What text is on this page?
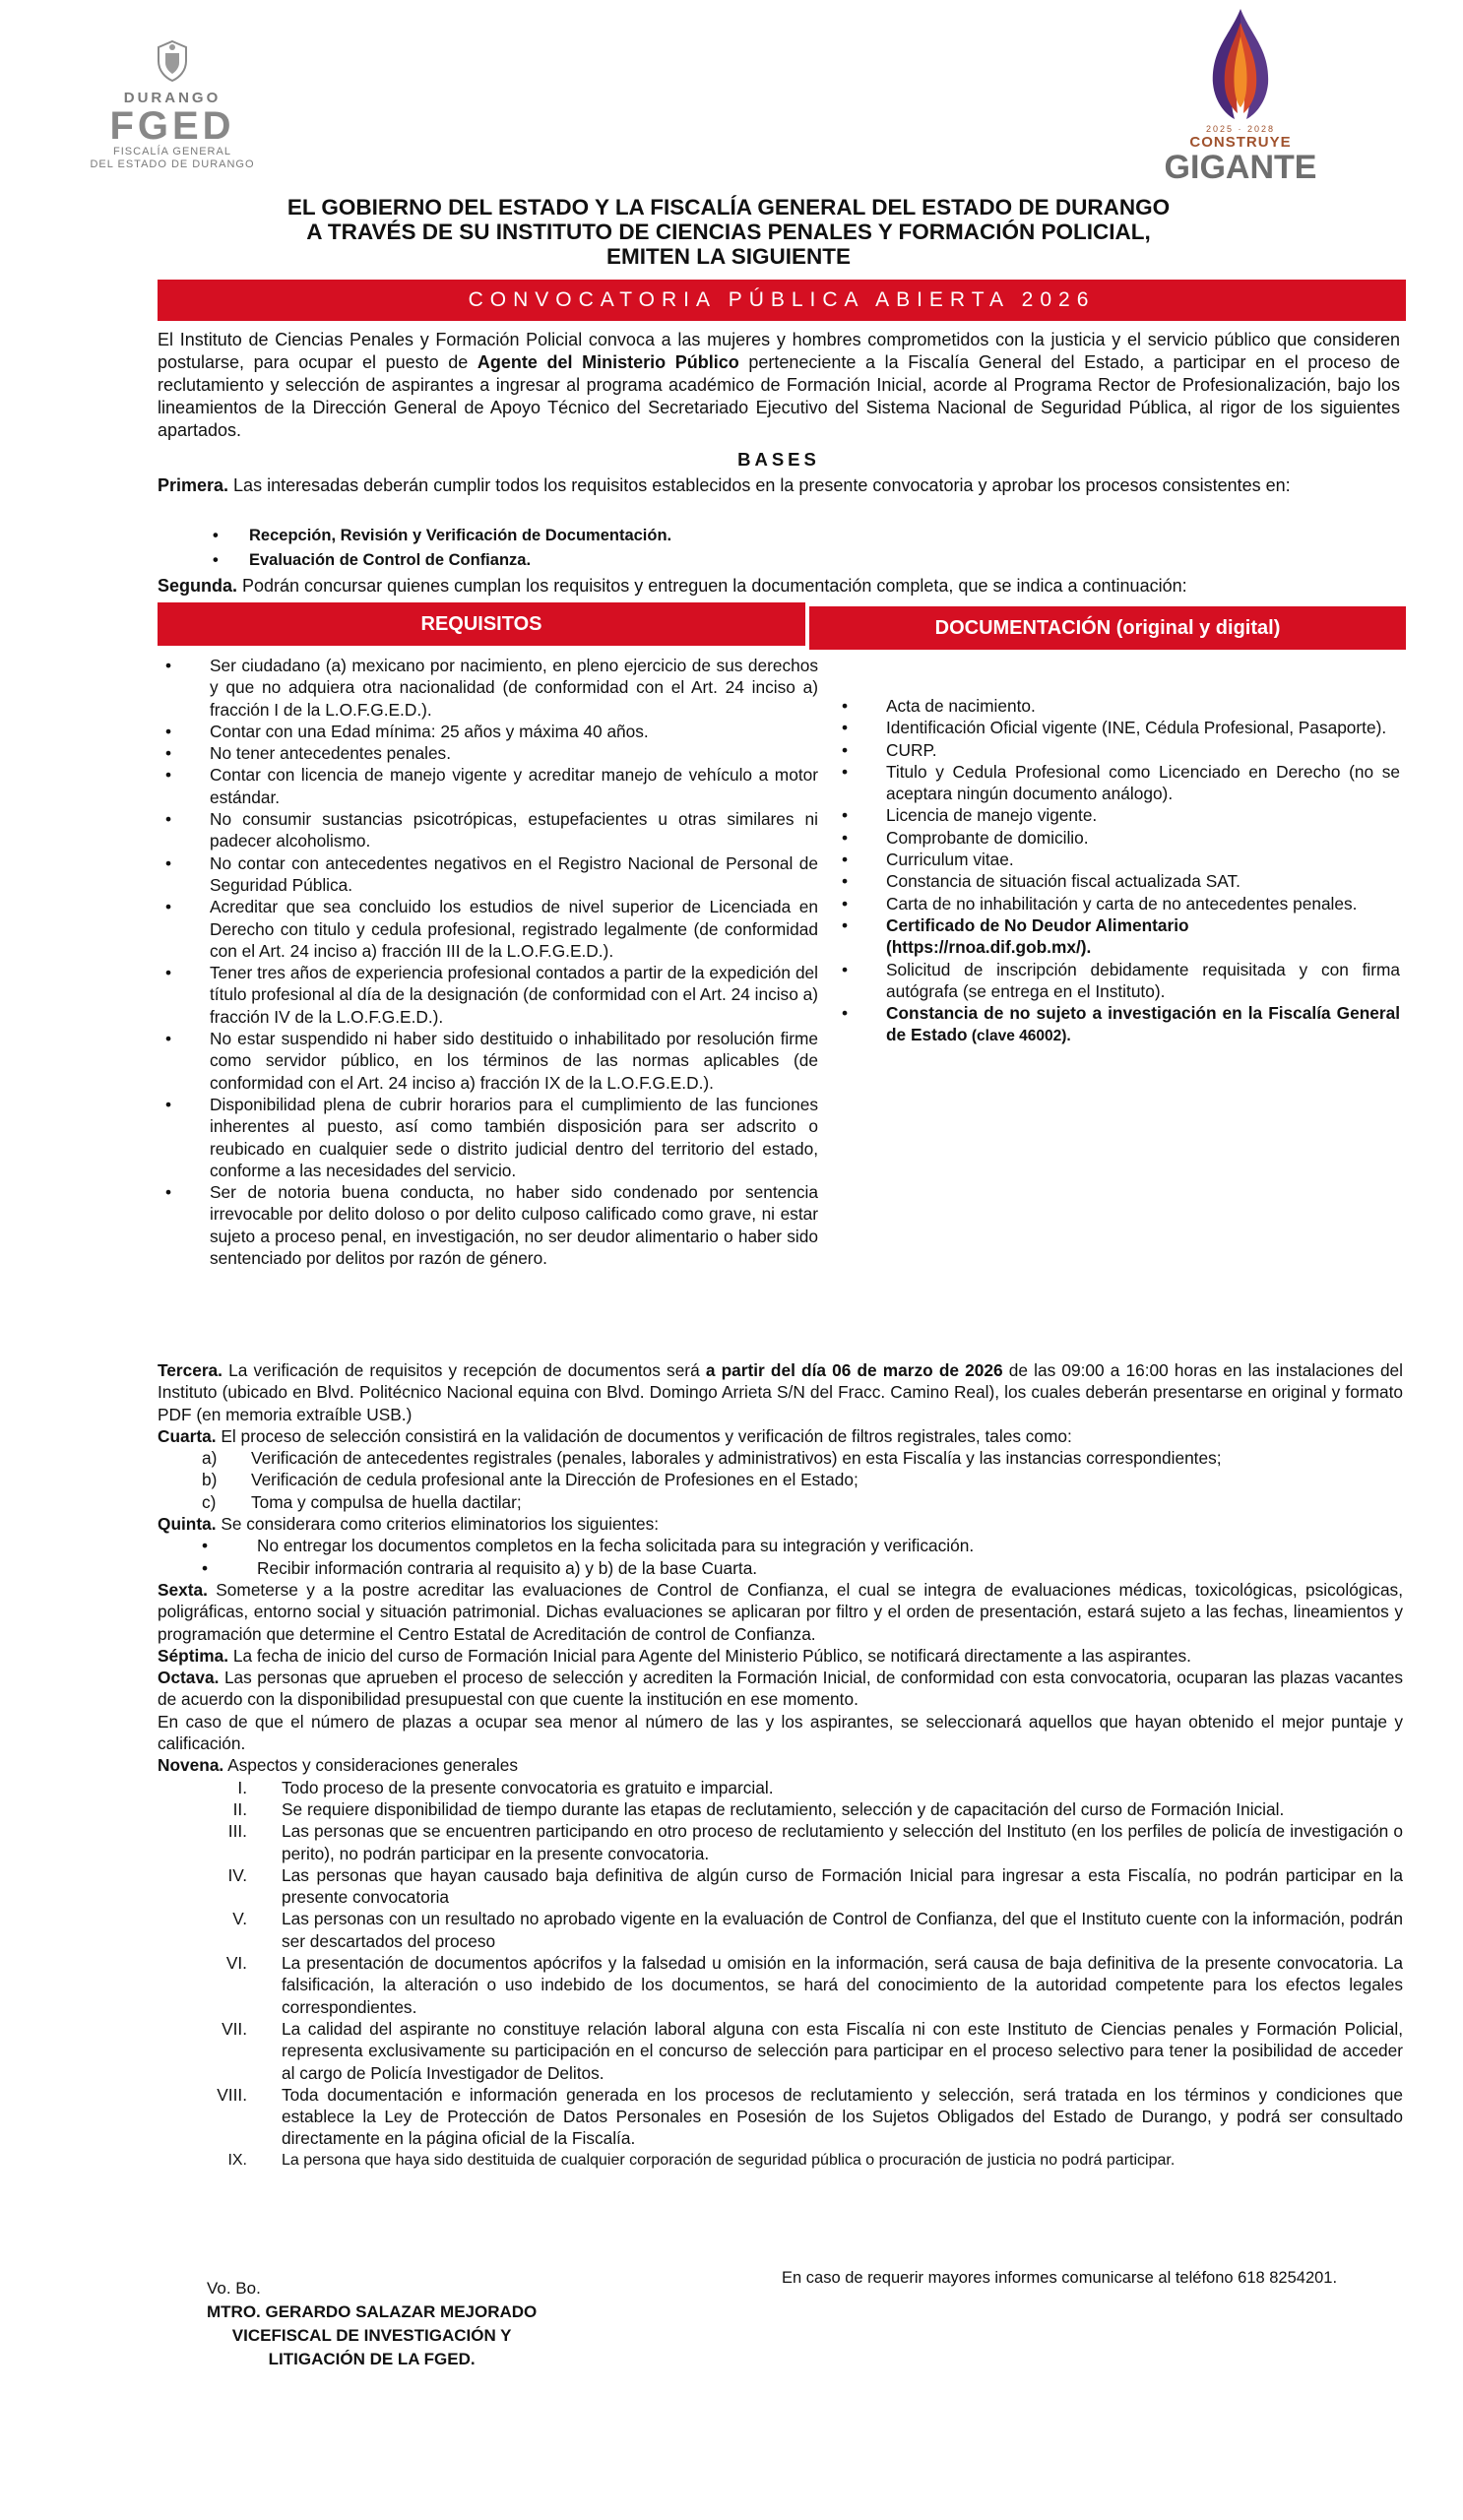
DURANGO
FGED
FISCALÍA GENERAL
DEL ESTADO DE DURANGO
2025 · 2028
CONSTRUYE
GIGANTE
EL GOBIERNO DEL ESTADO Y LA FISCALÍA GENERAL DEL ESTADO DE DURANGO
A TRAVÉS DE SU INSTITUTO DE CIENCIAS PENALES Y FORMACIÓN POLICIAL,
EMITEN LA SIGUIENTE
CONVOCATORIA PÚBLICA ABIERTA 2026
El Instituto de Ciencias Penales y Formación Policial convoca a las mujeres y hombres comprometidos con la justicia y el servicio público que consideren postularse, para ocupar el puesto de Agente del Ministerio Público perteneciente a la Fiscalía General del Estado, a participar en el proceso de reclutamiento y selección de aspirantes a ingresar al programa académico de Formación Inicial, acorde al Programa Rector de Profesionalización, bajo los lineamientos de la Dirección General de Apoyo Técnico del Secretariado Ejecutivo del Sistema Nacional de Seguridad Pública, al rigor de los siguientes apartados.
BASES
Primera. Las interesadas deberán cumplir todos los requisitos establecidos en la presente convocatoria y aprobar los procesos consistentes en:
• Recepción, Revisión y Verificación de Documentación.
• Evaluación de Control de Confianza.
Segunda. Podrán concursar quienes cumplan los requisitos y entreguen la documentación completa, que se indica a continuación:
REQUISITOS	DOCUMENTACIÓN (original y digital)
• Ser ciudadano (a) mexicano por nacimiento, en pleno ejercicio de sus derechos y que no adquiera otra nacionalidad (de conformidad con el Art. 24 inciso a) fracción I de la L.O.F.G.E.D.).
• Contar con una Edad mínima: 25 años y máxima 40 años.
• No tener antecedentes penales.
• Contar con licencia de manejo vigente y acreditar manejo de vehículo a motor estándar.
• No consumir sustancias psicotrópicas, estupefacientes u otras similares ni padecer alcoholismo.
• No contar con antecedentes negativos en el Registro Nacional de Personal de Seguridad Pública.
• Acreditar que sea concluido los estudios de nivel superior de Licenciada en Derecho con titulo y cedula profesional, registrado legalmente (de conformidad con el Art. 24 inciso a) fracción III de la L.O.F.G.E.D.).
• Tener tres años de experiencia profesional contados a partir de la expedición del título profesional al día de la designación (de conformidad con el Art. 24 inciso a) fracción IV de la L.O.F.G.E.D.).
• No estar suspendido ni haber sido destituido o inhabilitado por resolución firme como servidor público, en los términos de las normas aplicables (de conformidad con el Art. 24 inciso a) fracción IX de la L.O.F.G.E.D.).
• Disponibilidad plena de cubrir horarios para el cumplimiento de las funciones inherentes al puesto, así como también disposición para ser adscrito o reubicado en cualquier sede o distrito judicial dentro del territorio del estado, conforme a las necesidades del servicio.
• Ser de notoria buena conducta, no haber sido condenado por sentencia irrevocable por delito doloso o por delito culposo calificado como grave, ni estar sujeto a proceso penal, en investigación, no ser deudor alimentario o haber sido sentenciado por delitos por razón de género.
• Acta de nacimiento.
• Identificación Oficial vigente (INE, Cédula Profesional, Pasaporte).
• CURP.
• Titulo y Cedula Profesional como Licenciado en Derecho (no se aceptara ningún documento análogo).
• Licencia de manejo vigente.
• Comprobante de domicilio.
• Curriculum vitae.
• Constancia de situación fiscal actualizada SAT.
• Carta de no inhabilitación y carta de no antecedentes penales.
• Certificado de No Deudor Alimentario
(https://rnoa.dif.gob.mx/).
• Solicitud de inscripción debidamente requisitada y con firma autógrafa (se entrega en el Instituto).
• Constancia de no sujeto a investigación en la Fiscalía General de Estado (clave 46002).

Tercera. La verificación de requisitos y recepción de documentos será a partir del día 06 de marzo de 2026 de las 09:00 a 16:00 horas en las instalaciones del Instituto (ubicado en Blvd. Politécnico Nacional equina con Blvd. Domingo Arrieta S/N del Fracc. Camino Real), los cuales deberán presentarse en original y formato PDF (en memoria extraíble USB.)

Cuarta. El proceso de selección consistirá en la validación de documentos y verificación de filtros registrales, tales como:

a)	Verificación de antecedentes registrales (penales, laborales y administrativos) en esta Fiscalía y las instancias correspondientes;
b)	Verificación de cedula profesional ante la Dirección de Profesiones en el Estado;
c)	Toma y compulsa de huella dactilar;

Quinta. Se considerara como criterios eliminatorios los siguientes:

•	No entregar los documentos completos en la fecha solicitada para su integración y verificación.
•	Recibir información contraria al requisito a) y b) de la base Cuarta.

Sexta. Someterse y a la postre acreditar las evaluaciones de Control de Confianza, el cual se integra de evaluaciones médicas, toxicológicas, psicológicas, poligráficas, entorno social y situación patrimonial. Dichas evaluaciones se aplicaran por filtro y el orden de presentación, estará sujeto a las fechas, lineamientos y programación que determine el Centro Estatal de Acreditación de control de Confianza.

Séptima. La fecha de inicio del curso de Formación Inicial para Agente del Ministerio Público, se notificará directamente a las aspirantes.

Octava. Las personas que aprueben el proceso de selección y acrediten la Formación Inicial, de conformidad con esta convocatoria, ocuparan las plazas vacantes de acuerdo con la disponibilidad presupuestal con que cuente la institución en ese momento.

En caso de que el número de plazas a ocupar sea menor al número de las y los aspirantes, se seleccionará aquellos que hayan obtenido el mejor puntaje y calificación.

Novena. Aspectos y consideraciones generales

I.	Todo proceso de la presente convocatoria es gratuito e imparcial.
II.	Se requiere disponibilidad de tiempo durante las etapas de reclutamiento, selección y de capacitación del curso de Formación Inicial.
III.	Las personas que se encuentren participando en otro proceso de reclutamiento y selección del Instituto (en los perfiles de policía de investigación o perito), no podrán participar en la presente convocatoria.
IV.	Las personas que hayan causado baja definitiva de algún curso de Formación Inicial para ingresar a esta Fiscalía, no podrán participar en la presente convocatoria
V.	Las personas con un resultado no aprobado vigente en la evaluación de Control de Confianza, del que el Instituto cuente con la información, podrán ser descartados del proceso
VI.	La presentación de documentos apócrifos y la falsedad u omisión en la información, será causa de baja definitiva de la presente convocatoria. La falsificación, la alteración o uso indebido de los documentos, se hará del conocimiento de la autoridad competente para los efectos legales correspondientes.
VII.	La calidad del aspirante no constituye relación laboral alguna con esta Fiscalía ni con este Instituto de Ciencias penales y Formación Policial, representa exclusivamente su participación en el concurso de selección para participar en el proceso selectivo para tener la posibilidad de acceder al cargo de Policía Investigador de Delitos.
VIII.	Toda documentación e información generada en los procesos de reclutamiento y selección, será tratada en los términos y condiciones que establece la Ley de Protección de Datos Personales en Posesión de los Sujetos Obligados del Estado de Durango, y podrá ser consultado directamente en la página oficial de la Fiscalía.
IX.	La persona que haya sido destituida de cualquier corporación de seguridad pública o procuración de justicia no podrá participar.
Vo. Bo.
MTRO. GERARDO SALAZAR MEJORADO
VICEFISCAL DE INVESTIGACIÓN Y
LITIGACIÓN DE LA FGED.
En caso de requerir mayores informes comunicarse al teléfono 618 8254201.
